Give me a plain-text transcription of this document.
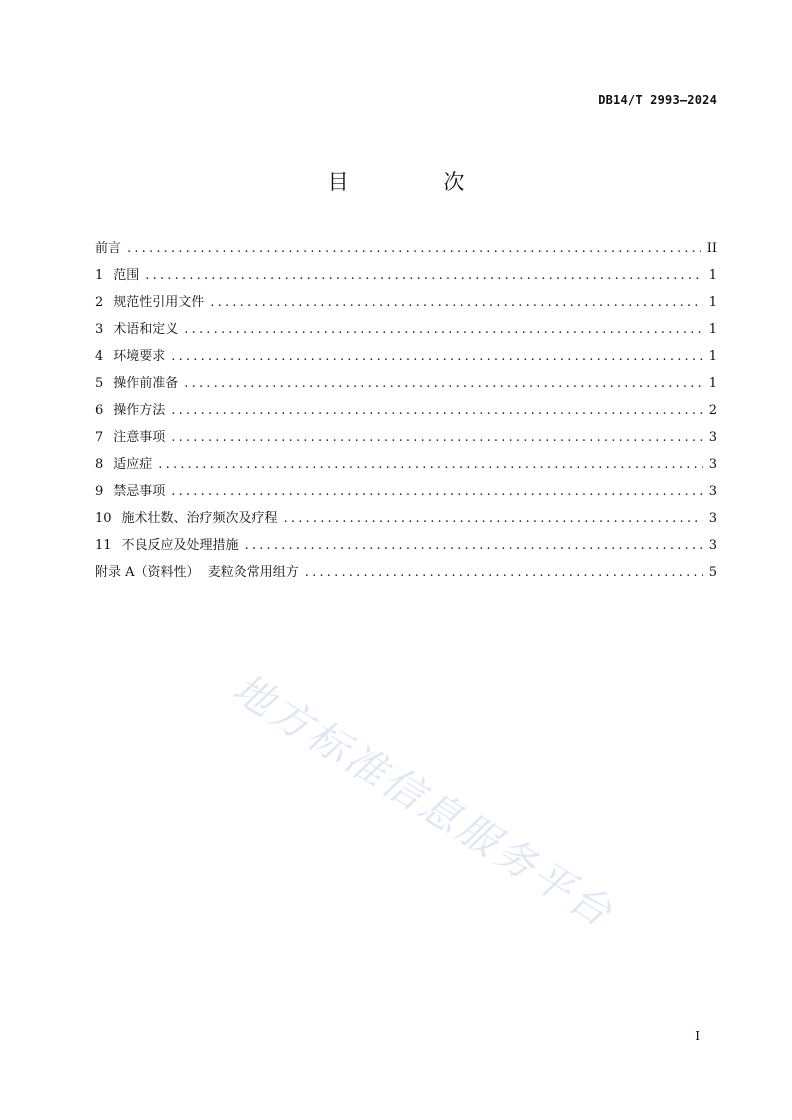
DB14/T 2993—2024
目 次
前言 .....	II
1 范围 .....	1
2 规范性引用文件 .....	1
3 术语和定义 .....	1
4 环境要求 .....	1
5 操作前准备 .....	1
6 操作方法 .....	2
7 注意事项 .....	3
8 适应症 .....	3
9 禁忌事项 .....	3
10 施术壮数、治疗频次及疗程 .....	3
11 不良反应及处理措施 .....	3
附录 A（资料性）  麦粒灸常用组方 .....	5
地方标准信息服务平台
I
